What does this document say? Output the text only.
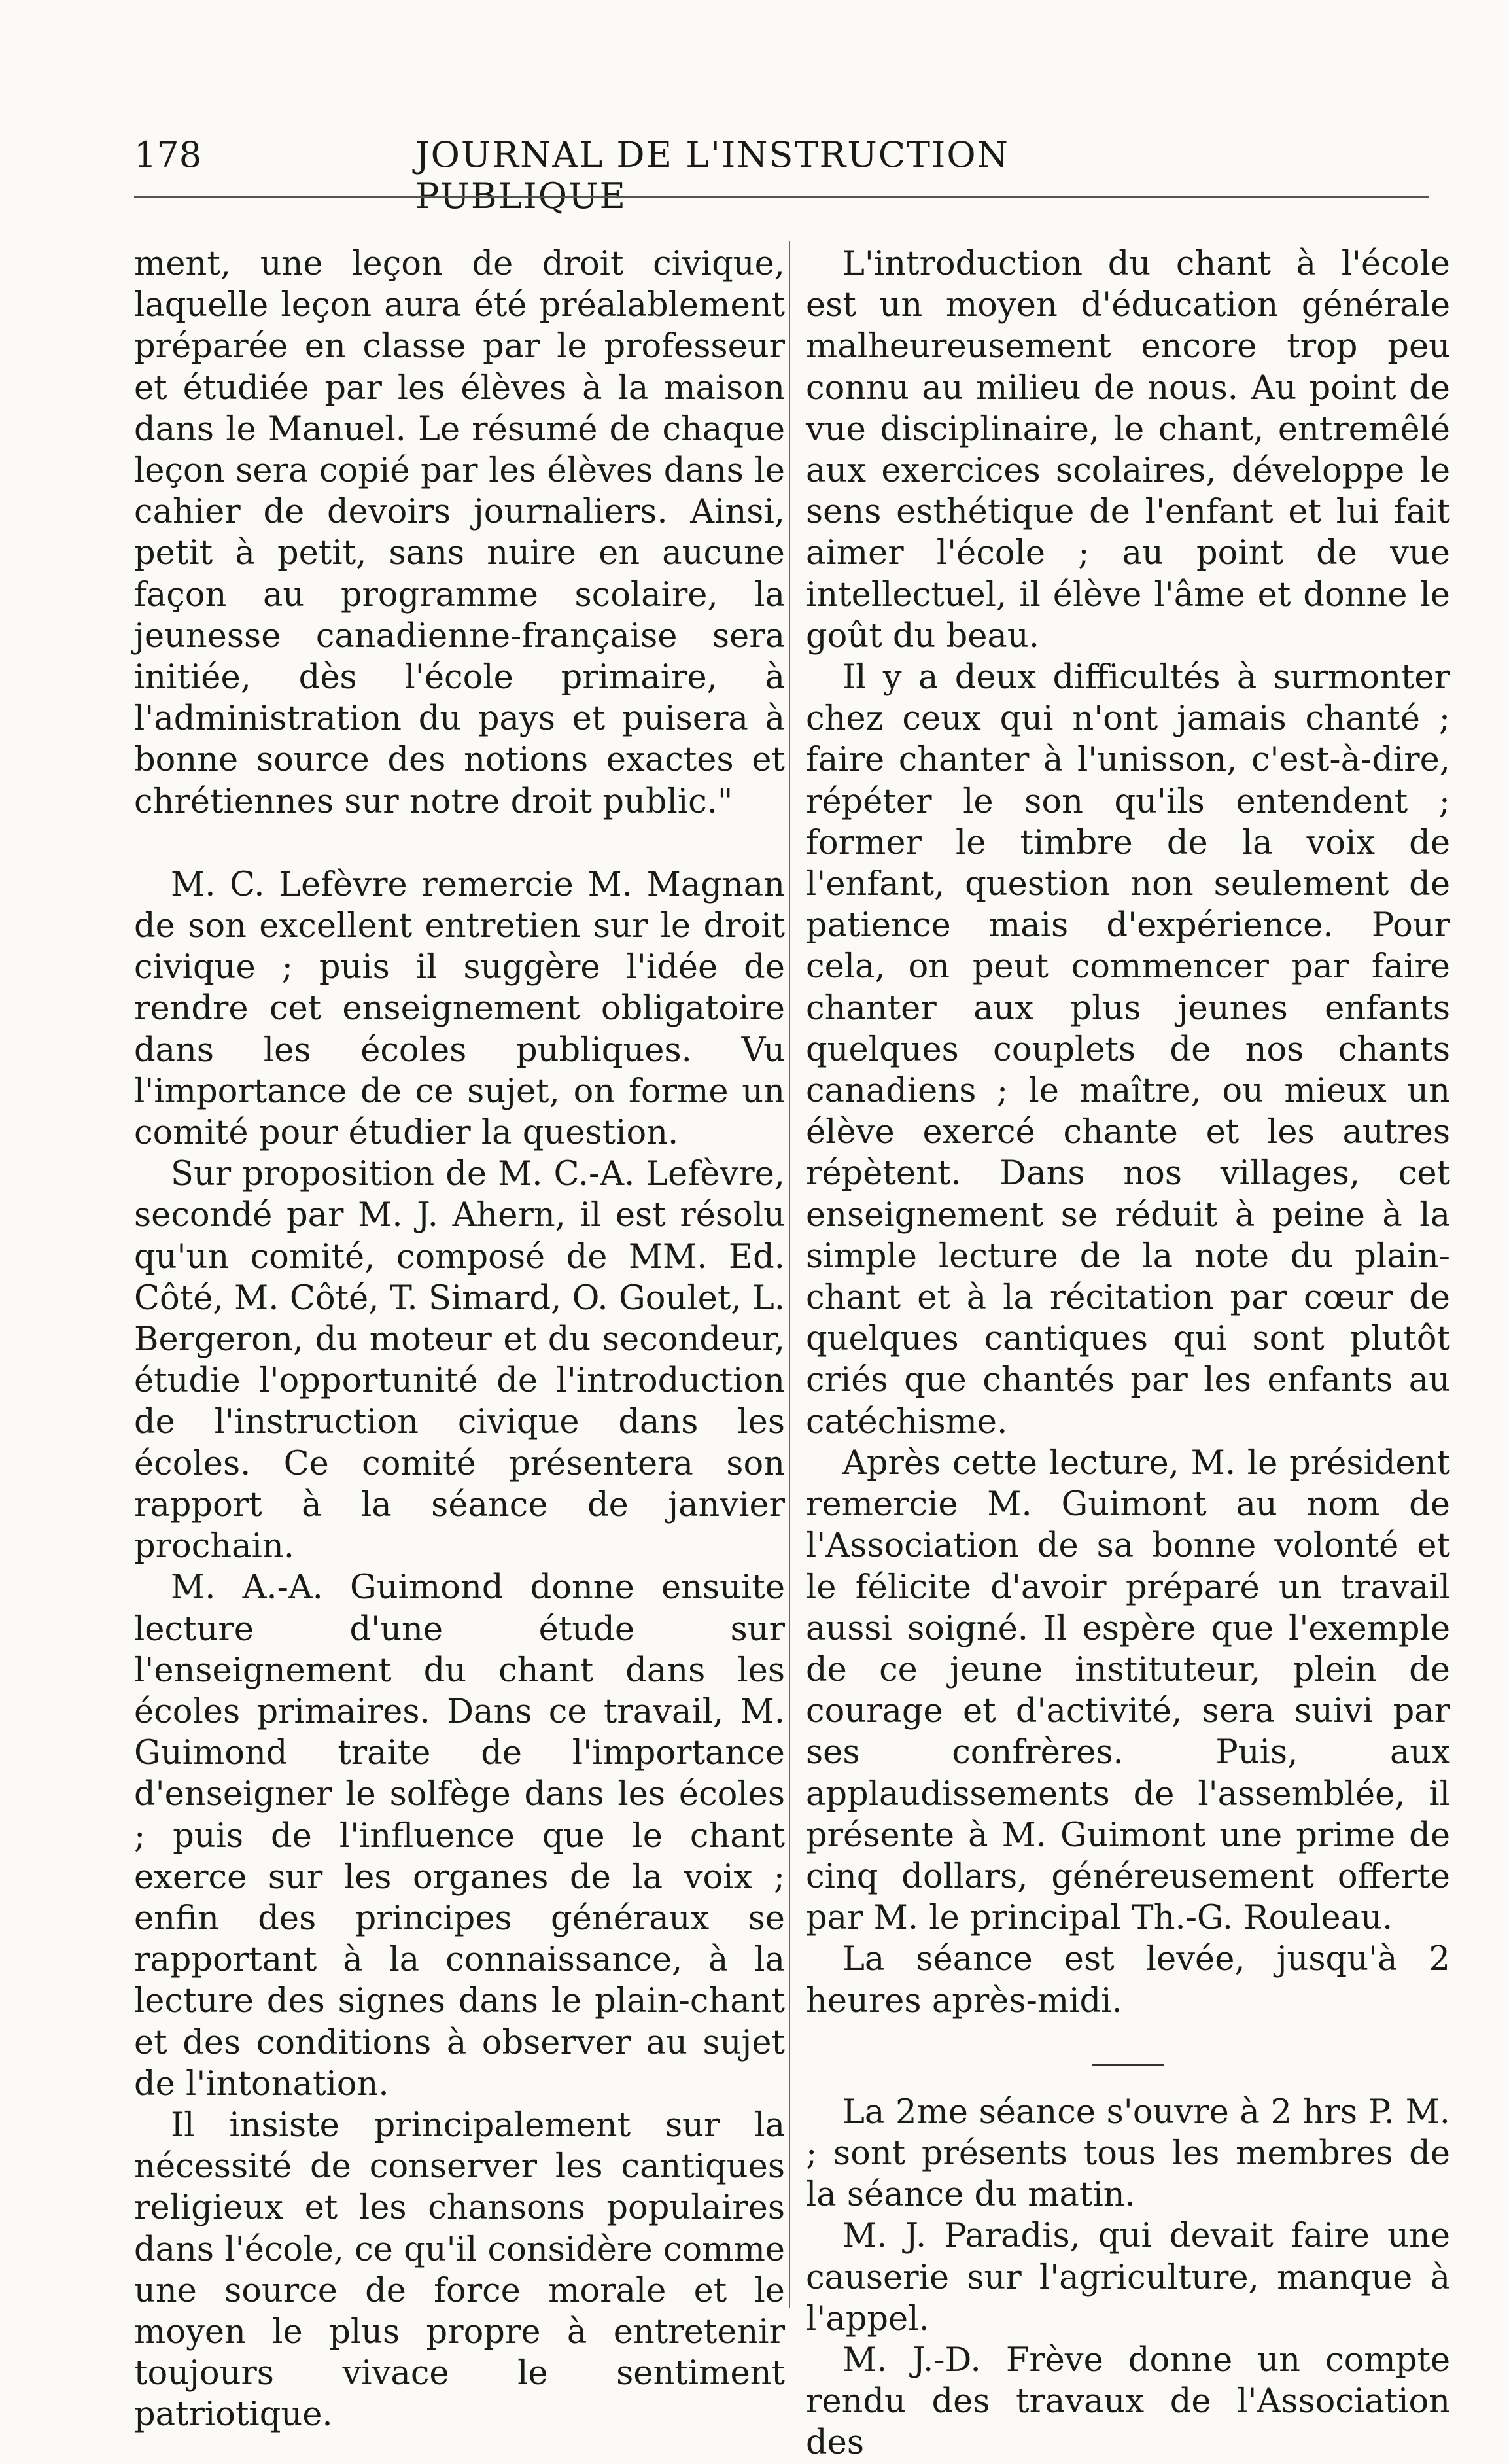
178	JOURNAL DE L'INSTRUCTION PUBLIQUE

ment, une leçon de droit civique, laquelle leçon aura été préalablement préparée en classe par le professeur et étudiée par les élèves à la maison dans le Manuel. Le résumé de chaque leçon sera copié par les élèves dans le cahier de devoirs journaliers. Ainsi, petit à petit, sans nuire en aucune façon au programme scolaire, la jeunesse canadienne-française sera initiée, dès l'école primaire, à l'administration du pays et puisera à bonne source des notions exactes et chrétiennes sur notre droit public."

M. C. Lefèvre remercie M. Magnan de son excellent entretien sur le droit civique ; puis il suggère l'idée de rendre cet enseignement obligatoire dans les écoles publiques. Vu l'importance de ce sujet, on forme un comité pour étudier la question.

Sur proposition de M. C.-A. Lefèvre, secondé par M. J. Ahern, il est résolu qu'un comité, composé de MM. Ed. Côté, M. Côté, T. Simard, O. Goulet, L. Bergeron, du moteur et du secondeur, étudie l'opportunité de l'introduction de l'instruction civique dans les écoles. Ce comité présentera son rapport à la séance de janvier prochain.

M. A.-A. Guimond donne ensuite lecture d'une étude sur l'enseignement du chant dans les écoles primaires. Dans ce travail, M. Guimond traite de l'importance d'enseigner le solfège dans les écoles ; puis de l'influence que le chant exerce sur les organes de la voix ; enfin des principes généraux se rapportant à la connaissance, à la lecture des signes dans le plain-chant et des conditions à observer au sujet de l'intonation.

Il insiste principalement sur la nécessité de conserver les cantiques religieux et les chansons populaires dans l'école, ce qu'il considère comme une source de force morale et le moyen le plus propre à entretenir toujours vivace le sentiment patriotique.

L'introduction du chant à l'école est un moyen d'éducation générale malheureusement encore trop peu connu au milieu de nous. Au point de vue disciplinaire, le chant, entremêlé aux exercices scolaires, développe le sens esthétique de l'enfant et lui fait aimer l'école ; au point de vue intellectuel, il élève l'âme et donne le goût du beau.

Il y a deux difficultés à surmonter chez ceux qui n'ont jamais chanté ; faire chanter à l'unisson, c'est-à-dire, répéter le son qu'ils entendent ; former le timbre de la voix de l'enfant, question non seulement de patience mais d'expérience. Pour cela, on peut commencer par faire chanter aux plus jeunes enfants quelques couplets de nos chants canadiens ; le maître, ou mieux un élève exercé chante et les autres répètent. Dans nos villages, cet enseignement se réduit à peine à la simple lecture de la note du plain-chant et à la récitation par cœur de quelques cantiques qui sont plutôt criés que chantés par les enfants au catéchisme.

Après cette lecture, M. le président remercie M. Guimont au nom de l'Association de sa bonne volonté et le félicite d'avoir préparé un travail aussi soigné. Il espère que l'exemple de ce jeune instituteur, plein de courage et d'activité, sera suivi par ses confrères. Puis, aux applaudissements de l'assemblée, il présente à M. Guimont une prime de cinq dollars, généreusement offerte par M. le principal Th.-G. Rouleau.

La séance est levée, jusqu'à 2 heures après-midi.

La 2me séance s'ouvre à 2 hrs P. M. ; sont présents tous les membres de la séance du matin.

M. J. Paradis, qui devait faire une causerie sur l'agriculture, manque à l'appel.

M. J.-D. Frève donne un compte rendu des travaux de l'Association des
